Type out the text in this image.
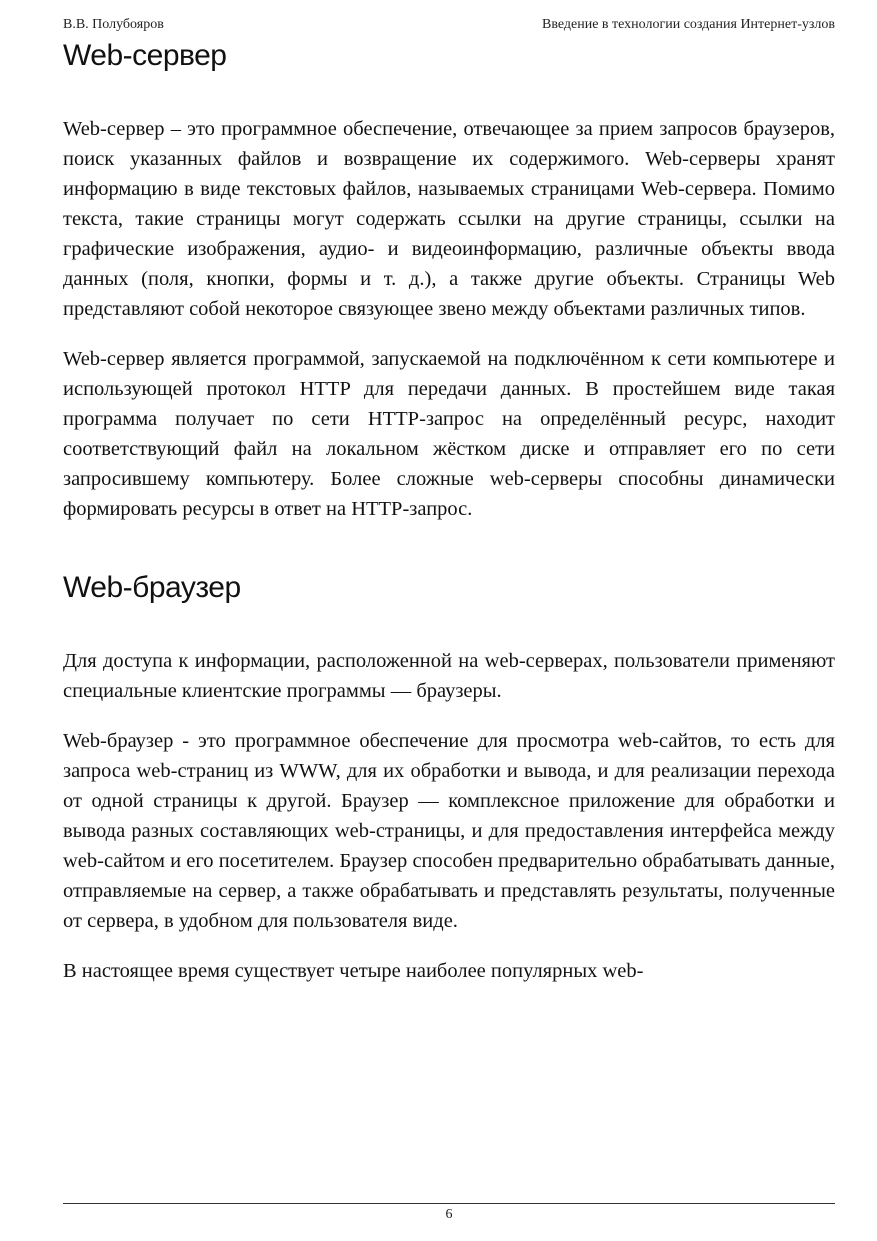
В.В. Полубояров	Введение в технологии создания Интернет-узлов
Web-сервер

Web-сервер – это программное обеспечение, отвечающее за прием запросов браузеров, поиск указанных файлов и возвращение их содержимого. Web-серверы хранят информацию в виде текстовых файлов, называемых страницами Web-сервера. Помимо текста, такие страницы могут содержать ссылки на другие страницы, ссылки на графические изображения, аудио- и видеоинформацию, различные объекты ввода данных (поля, кнопки, формы и т. д.), а также другие объекты. Страницы Web представляют собой некоторое связующее звено между объектами различных типов.

Web-сервер является программой, запускаемой на подключённом к сети компьютере и использующей протокол HTTP для передачи данных. В простейшем виде такая программа получает по сети HTTP-запрос на определённый ресурс, находит соответствующий файл на локальном жёстком диске и отправляет его по сети запросившему компьютеру. Более сложные web-серверы способны динамически формировать ресурсы в ответ на HTTP-запрос.

Web-браузер

Для доступа к информации, расположенной на web-серверах, пользователи применяют специальные клиентские программы — браузеры.

Web-браузер - это программное обеспечение для просмотра web-сайтов, то есть для запроса web-страниц из WWW, для их обработки и вывода, и для реализации перехода от одной страницы к другой. Браузер — комплексное приложение для обработки и вывода разных составляющих web-страницы, и для предоставления интерфейса между web-сайтом и его посетителем. Браузер способен предварительно обрабатывать данные, отправляемые на сервер, а также обрабатывать и представлять результаты, полученные от сервера, в удобном для пользователя виде.

В настоящее время существует четыре наиболее популярных web-

6
